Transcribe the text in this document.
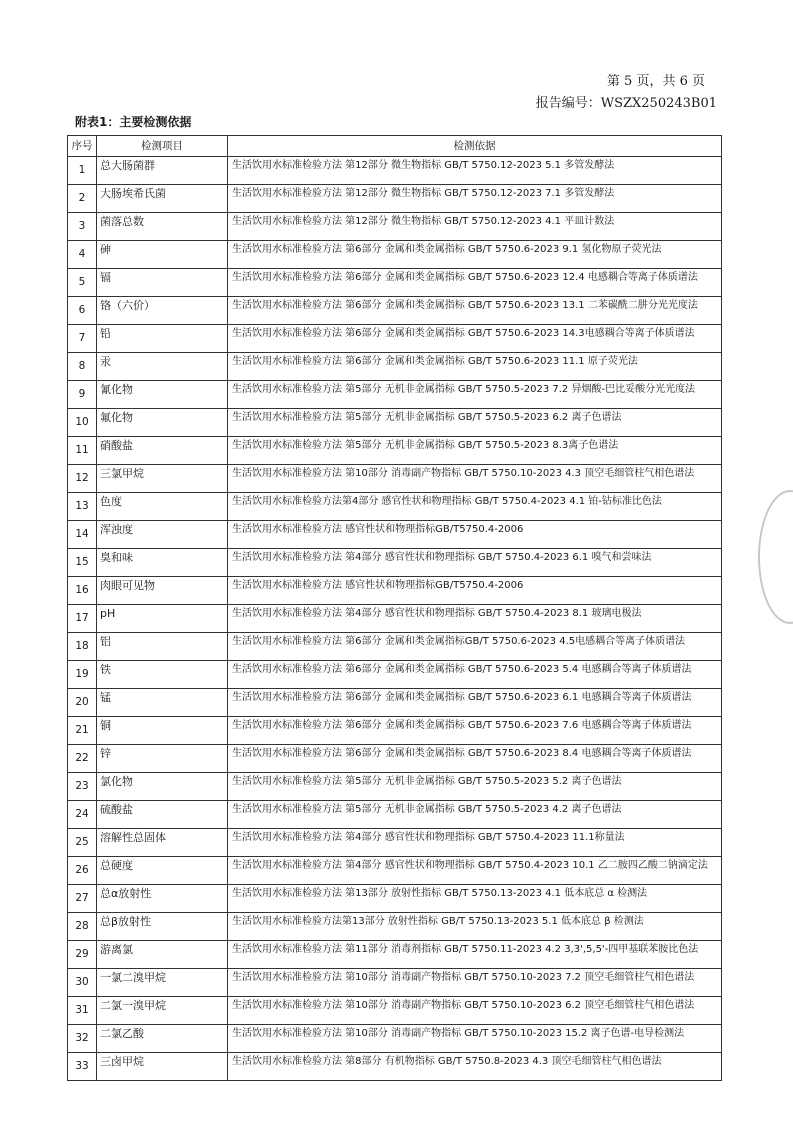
第 5 页，共 6 页
报告编号：WSZX250243B01
附表1：主要检测依据
序号	检测项目	检测依据
1	总大肠菌群	生活饮用水标准检验方法 第12部分 微生物指标 GB/T 5750.12-2023 5.1 多管发酵法
2	大肠埃希氏菌	生活饮用水标准检验方法 第12部分 微生物指标 GB/T 5750.12-2023 7.1 多管发酵法
3	菌落总数	生活饮用水标准检验方法 第12部分 微生物指标 GB/T 5750.12-2023 4.1 平皿计数法
4	砷	生活饮用水标准检验方法 第6部分 金属和类金属指标 GB/T 5750.6-2023 9.1 氢化物原子荧光法
5	镉	生活饮用水标准检验方法 第6部分 金属和类金属指标 GB/T 5750.6-2023 12.4 电感耦合等离子体质谱法
6	铬（六价）	生活饮用水标准检验方法 第6部分 金属和类金属指标 GB/T 5750.6-2023 13.1 二苯碳酰二肼分光光度法
7	铅	生活饮用水标准检验方法 第6部分 金属和类金属指标 GB/T 5750.6-2023 14.3电感耦合等离子体质谱法
8	汞	生活饮用水标准检验方法 第6部分 金属和类金属指标 GB/T 5750.6-2023 11.1 原子荧光法
9	氰化物	生活饮用水标准检验方法 第5部分 无机非金属指标 GB/T 5750.5-2023 7.2 异烟酸-巴比妥酸分光光度法
10	氟化物	生活饮用水标准检验方法 第5部分 无机非金属指标 GB/T 5750.5-2023 6.2 离子色谱法
11	硝酸盐	生活饮用水标准检验方法 第5部分 无机非金属指标 GB/T 5750.5-2023 8.3离子色谱法
12	三氯甲烷	生活饮用水标准检验方法 第10部分 消毒副产物指标 GB/T 5750.10-2023 4.3 顶空毛细管柱气相色谱法
13	色度	生活饮用水标准检验方法第4部分 感官性状和物理指标 GB/T 5750.4-2023 4.1 铂-钴标准比色法
14	浑浊度	生活饮用水标准检验方法 感官性状和物理指标GB/T5750.4-2006
15	臭和味	生活饮用水标准检验方法 第4部分 感官性状和物理指标 GB/T 5750.4-2023 6.1 嗅气和尝味法
16	肉眼可见物	生活饮用水标准检验方法 感官性状和物理指标GB/T5750.4-2006
17	pH	生活饮用水标准检验方法 第4部分 感官性状和物理指标 GB/T 5750.4-2023 8.1 玻璃电极法
18	铝	生活饮用水标准检验方法 第6部分 金属和类金属指标GB/T 5750.6-2023 4.5电感耦合等离子体质谱法
19	铁	生活饮用水标准检验方法 第6部分 金属和类金属指标 GB/T 5750.6-2023 5.4 电感耦合等离子体质谱法
20	锰	生活饮用水标准检验方法 第6部分 金属和类金属指标 GB/T 5750.6-2023 6.1 电感耦合等离子体质谱法
21	铜	生活饮用水标准检验方法 第6部分 金属和类金属指标 GB/T 5750.6-2023 7.6 电感耦合等离子体质谱法
22	锌	生活饮用水标准检验方法 第6部分 金属和类金属指标 GB/T 5750.6-2023 8.4 电感耦合等离子体质谱法
23	氯化物	生活饮用水标准检验方法 第5部分 无机非金属指标 GB/T 5750.5-2023 5.2 离子色谱法
24	硫酸盐	生活饮用水标准检验方法 第5部分 无机非金属指标 GB/T 5750.5-2023 4.2 离子色谱法
25	溶解性总固体	生活饮用水标准检验方法 第4部分 感官性状和物理指标 GB/T 5750.4-2023 11.1称量法
26	总硬度	生活饮用水标准检验方法 第4部分 感官性状和物理指标 GB/T 5750.4-2023 10.1 乙二胺四乙酸二钠滴定法
27	总α放射性	生活饮用水标准检验方法 第13部分 放射性指标 GB/T 5750.13-2023 4.1 低本底总 α 检测法
28	总β放射性	生活饮用水标准检验方法第13部分 放射性指标 GB/T 5750.13-2023 5.1 低本底总 β 检测法
29	游离氯	生活饮用水标准检验方法 第11部分 消毒剂指标 GB/T 5750.11-2023 4.2 3,3',5,5'-四甲基联苯胺比色法
30	一氯二溴甲烷	生活饮用水标准检验方法 第10部分 消毒副产物指标 GB/T 5750.10-2023 7.2 顶空毛细管柱气相色谱法
31	二氯一溴甲烷	生活饮用水标准检验方法 第10部分 消毒副产物指标 GB/T 5750.10-2023 6.2 顶空毛细管柱气相色谱法
32	二氯乙酸	生活饮用水标准检验方法 第10部分 消毒副产物指标 GB/T 5750.10-2023 15.2 离子色谱-电导检测法
33	三卤甲烷	生活饮用水标准检验方法 第8部分 有机物指标 GB/T 5750.8-2023 4.3 顶空毛细管柱气相色谱法
